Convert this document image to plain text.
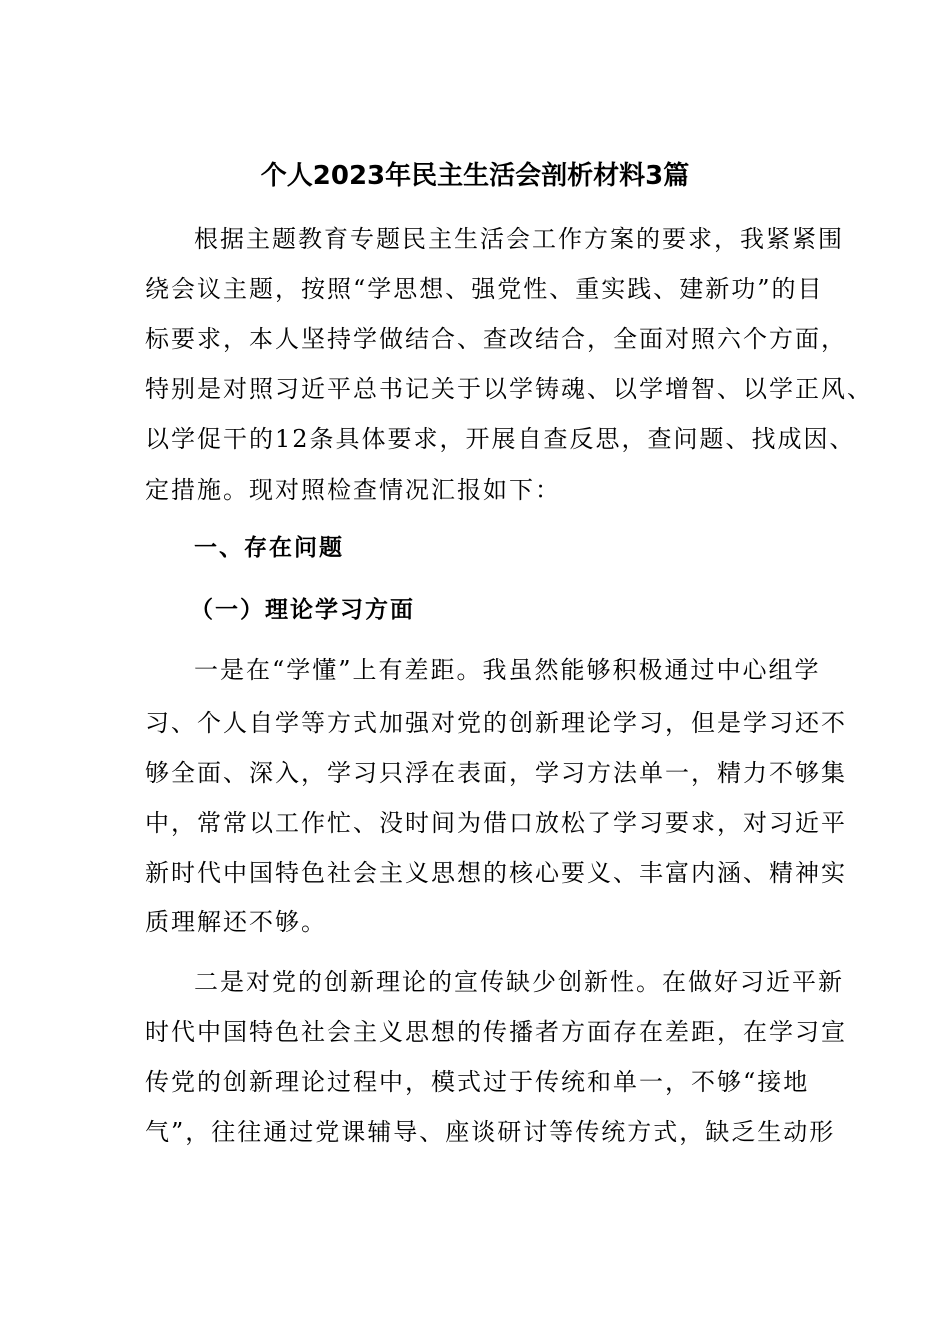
个人2023年民主生活会剖析材料3篇
根据主题教育专题民主生活会工作方案的要求，我紧紧围
绕会议主题，按照“学思想、强党性、重实践、建新功”的目
标要求，本人坚持学做结合、查改结合，全面对照六个方面，
特别是对照习近平总书记关于以学铸魂、以学增智、以学正风、
以学促干的12条具体要求，开展自查反思，查问题、找成因、
定措施。现对照检查情况汇报如下：
一、存在问题
（一）理论学习方面
一是在“学懂”上有差距。我虽然能够积极通过中心组学
习、个人自学等方式加强对党的创新理论学习，但是学习还不
够全面、深入，学习只浮在表面，学习方法单一，精力不够集
中，常常以工作忙、没时间为借口放松了学习要求，对习近平
新时代中国特色社会主义思想的核心要义、丰富内涵、精神实
质理解还不够。
二是对党的创新理论的宣传缺少创新性。在做好习近平新
时代中国特色社会主义思想的传播者方面存在差距，在学习宣
传党的创新理论过程中，模式过于传统和单一，不够“接地
气”，往往通过党课辅导、座谈研讨等传统方式，缺乏生动形
